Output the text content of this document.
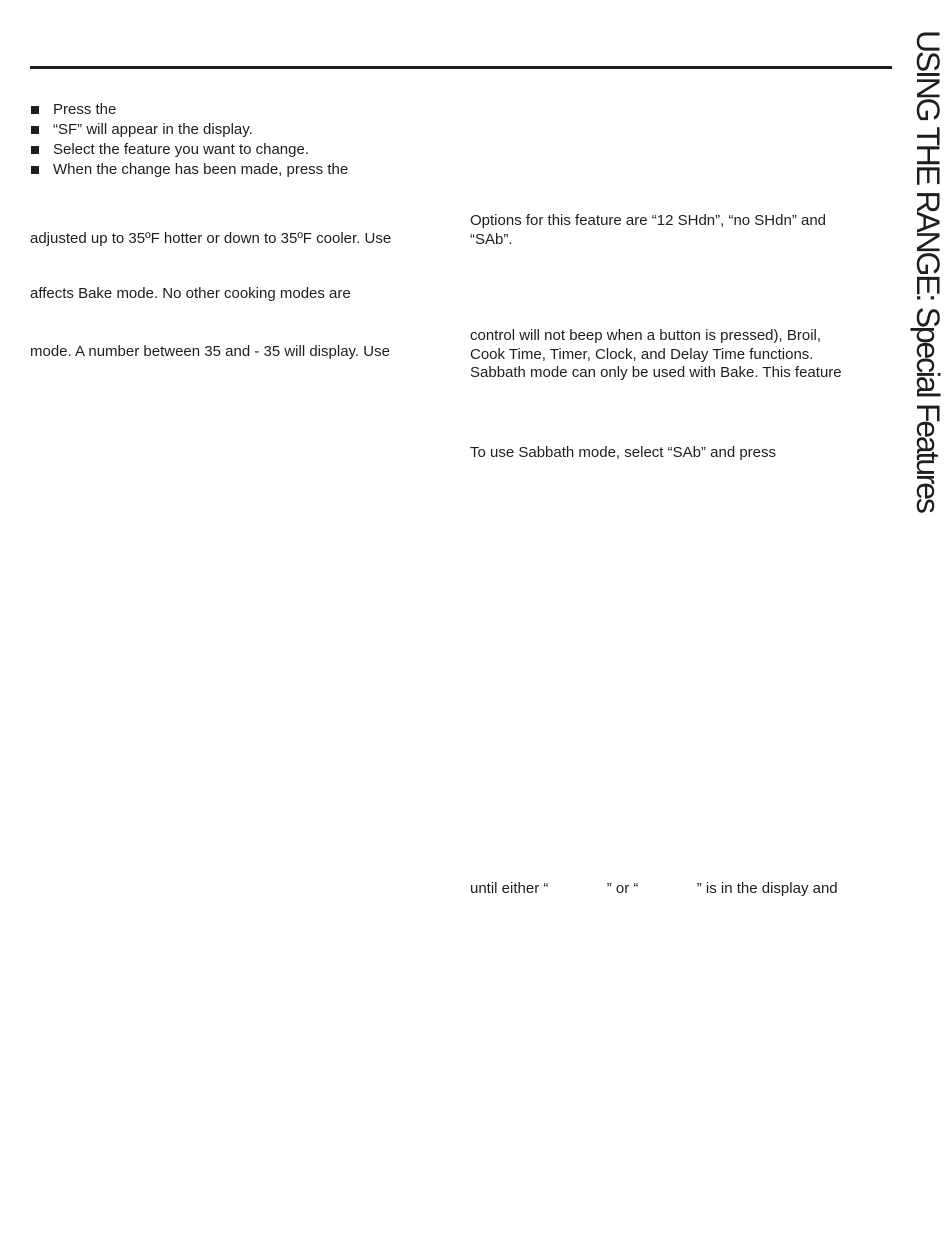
Press the
“SF” will appear in the display.
Select the feature you want to change.
When the change has been made, press the
adjusted up to 35ºF hotter or down to 35ºF cooler. Use
affects Bake mode. No other cooking modes are
mode. A number between 35 and - 35 will display. Use
Options for this feature are “12 SHdn”, “no SHdn” and
“SAb”.
control will not beep when a button is pressed), Broil,
Cook Time, Timer, Clock, and Delay Time functions.
Sabbath mode can only be used with Bake. This feature
To use Sabbath mode, select “SAb” and press
until either “              ” or “              ” is in the display and
USING THE RANGE: Special Features
